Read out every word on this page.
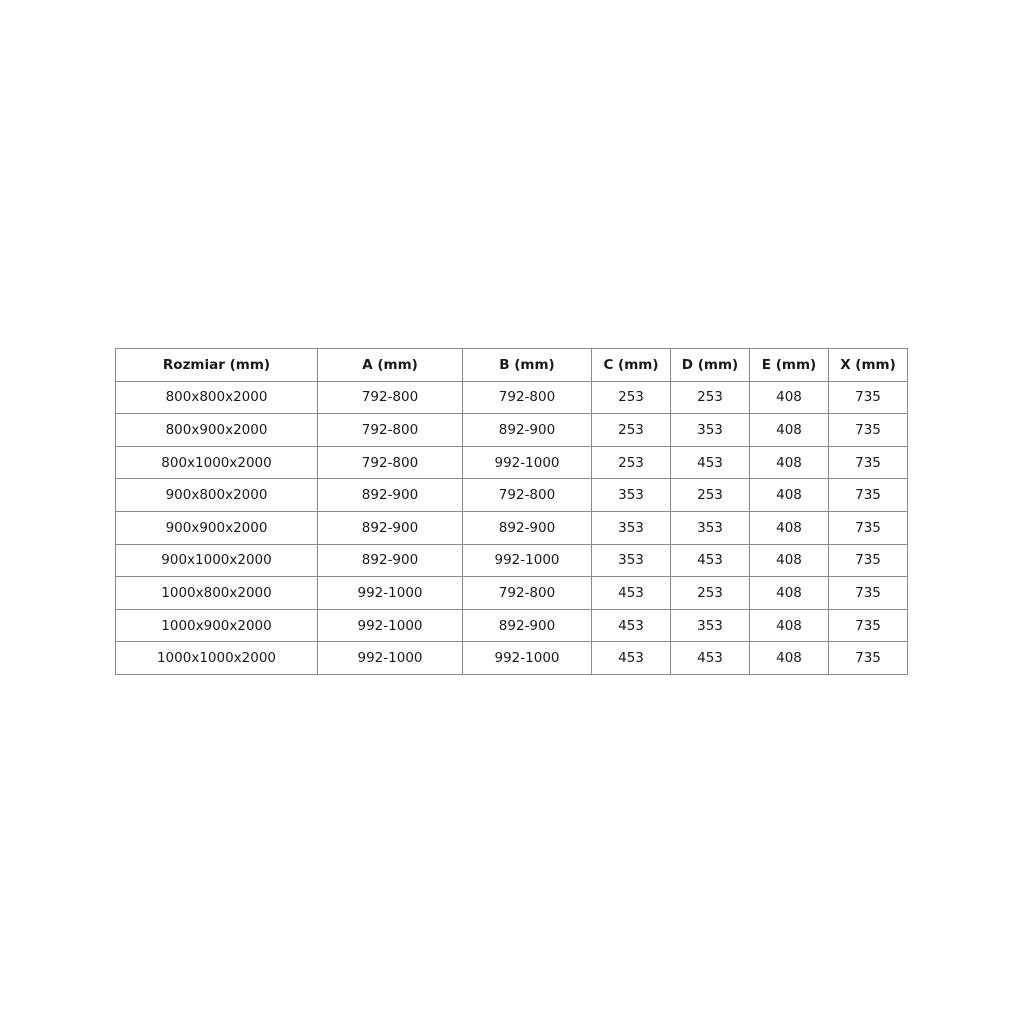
Rozmiar (mm)	A (mm)	B (mm)	C (mm)	D (mm)	E (mm)	X (mm)
800x800x2000	792-800	792-800	253	253	408	735
800x900x2000	792-800	892-900	253	353	408	735
800x1000x2000	792-800	992-1000	253	453	408	735
900x800x2000	892-900	792-800	353	253	408	735
900x900x2000	892-900	892-900	353	353	408	735
900x1000x2000	892-900	992-1000	353	453	408	735
1000x800x2000	992-1000	792-800	453	253	408	735
1000x900x2000	992-1000	892-900	453	353	408	735
1000x1000x2000	992-1000	992-1000	453	453	408	735
